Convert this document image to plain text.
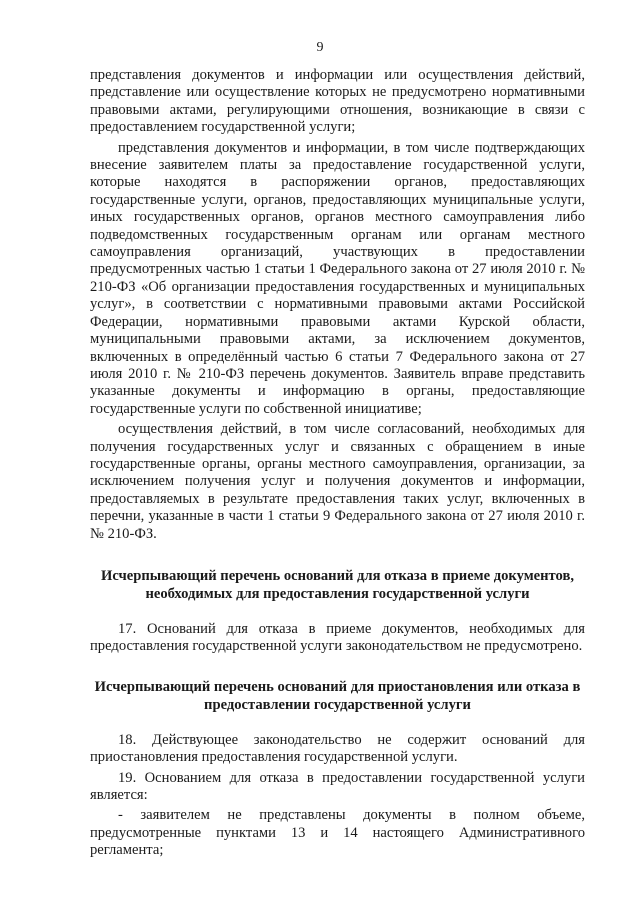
9

представления документов и информации или осуществления действий, представление или осуществление которых не предусмотрено нормативными правовыми актами, регулирующими отношения, возникающие в связи с предоставлением государственной услуги;

представления документов и информации, в том числе подтверждающих внесение заявителем платы за предоставление государственной услуги, которые находятся в распоряжении органов, предоставляющих государственные услуги, органов, предоставляющих муниципальные услуги, иных государственных органов, органов местного самоуправления либо подведомственных государственным органам или органам местного самоуправления организаций, участвующих в предоставлении предусмотренных частью 1 статьи 1 Федерального закона от 27 июля 2010 г. № 210-ФЗ «Об организации предоставления государственных и муниципальных услуг», в соответствии с нормативными правовыми актами Российской Федерации, нормативными правовыми актами Курской области, муниципальными правовыми актами, за исключением документов, включенных в определённый частью 6 статьи 7 Федерального закона от 27 июля 2010 г. № 210-ФЗ перечень документов. Заявитель вправе представить указанные документы и информацию в органы, предоставляющие государственные услуги по собственной инициативе;

осуществления действий, в том числе согласований, необходимых для получения государственных услуг и связанных с обращением в иные государственные органы, органы местного самоуправления, организации, за исключением получения услуг и получения документов и информации, предоставляемых в результате предоставления таких услуг, включенных в перечни, указанные в части 1 статьи 9 Федерального закона от 27 июля 2010 г. № 210-ФЗ.

Исчерпывающий перечень оснований для отказа в приеме документов, необходимых для предоставления государственной услуги

17. Оснований для отказа в приеме документов, необходимых для предоставления государственной услуги законодательством не предусмотрено.

Исчерпывающий перечень оснований для приостановления или отказа в предоставлении государственной услуги

18. Действующее законодательство не содержит оснований для приостановления предоставления государственной услуги.

19. Основанием для отказа в предоставлении государственной услуги является:

- заявителем не представлены документы в полном объеме, предусмотренные пунктами 13 и 14 настоящего Административного регламента;
